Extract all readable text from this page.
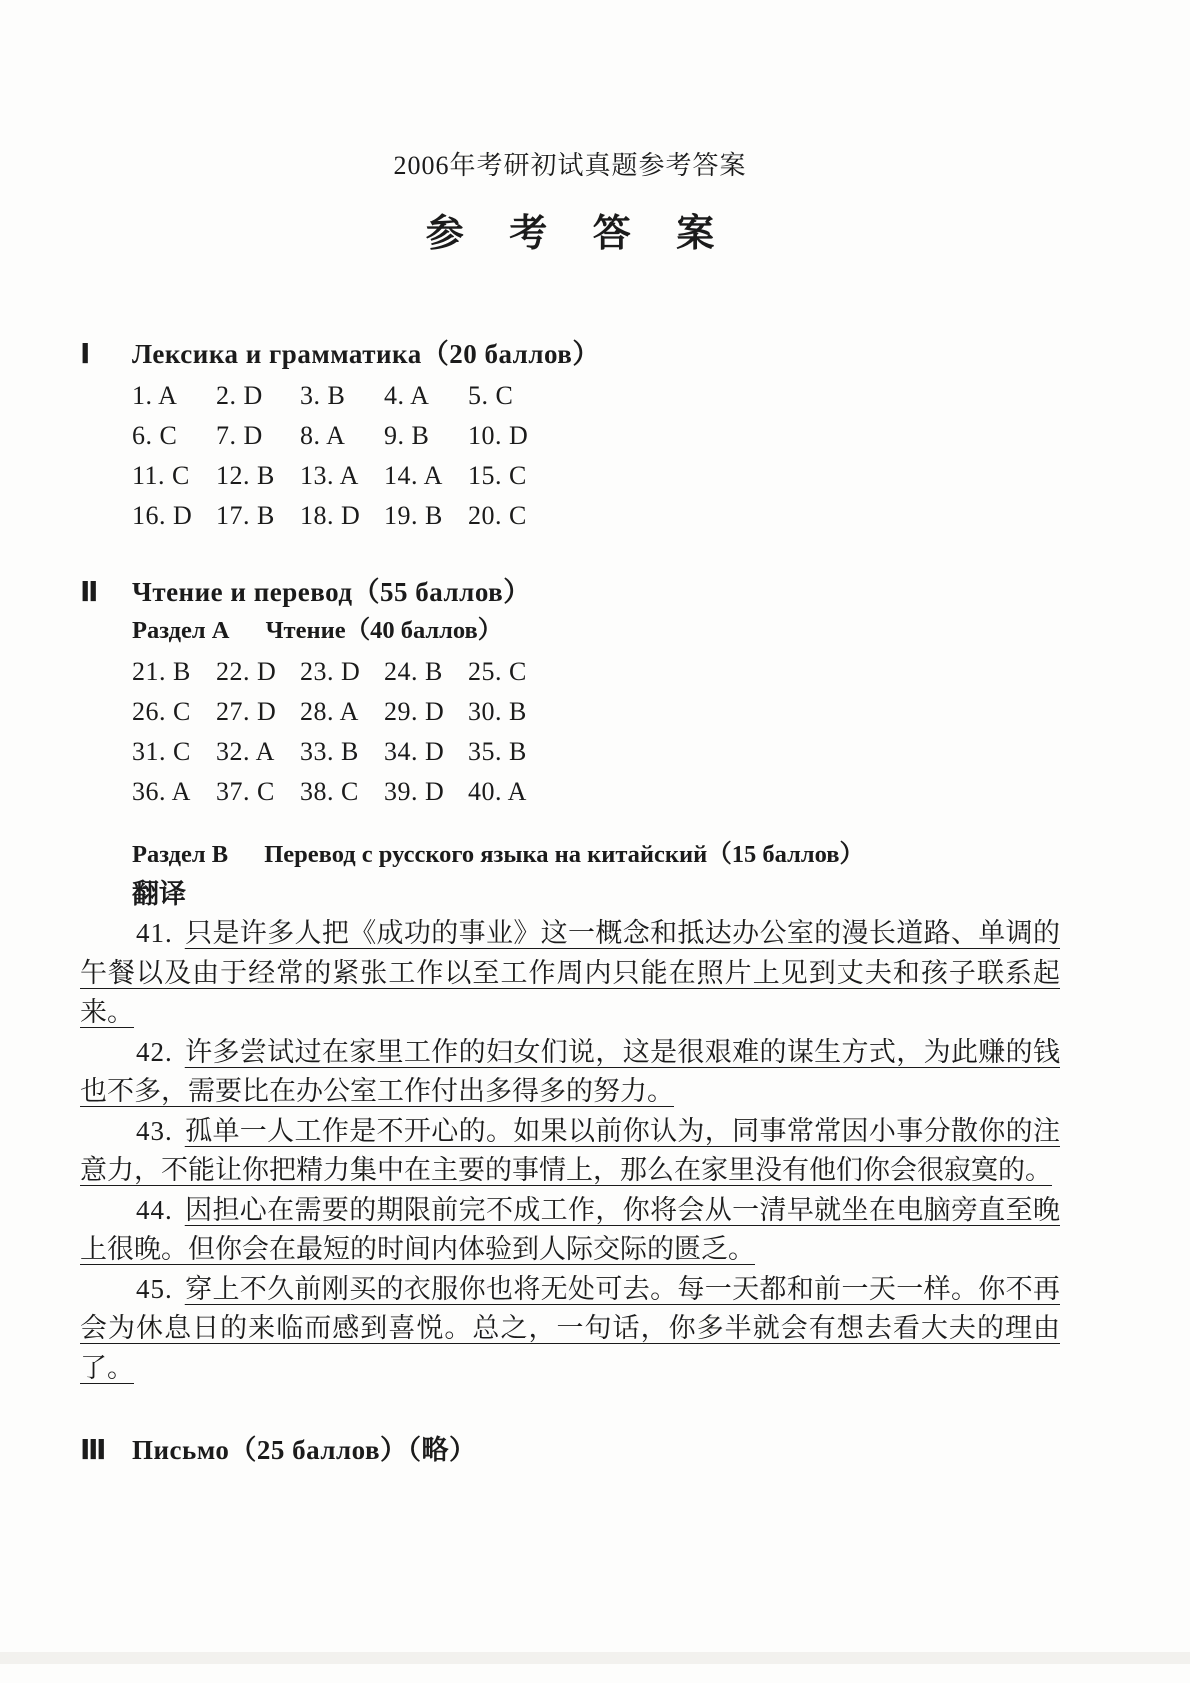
2006年考研初试真题参考答案
参 考 答 案
Ⅰ	Лексика и грамматика（20 баллов）
1. A 2. D 3. B 4. A 5. C
6. C 7. D 8. A 9. B 10. D
11. C 12. B 13. A 14. A 15. C
16. D 17. B 18. D 19. B 20. C
Ⅱ	Чтение и перевод（55 баллов）
Раздел A Чтение（40 баллов）
21. B 22. D 23. D 24. B 25. C
26. C 27. D 28. A 29. D 30. B
31. C 32. A 33. B 34. D 35. B
36. A 37. C 38. C 39. D 40. A
Раздел B Перевод с русского языка на китайский（15 баллов）
翻译

41. 只是许多人把《成功的事业》这一概念和抵达办公室的漫长道路、单调的午餐以及由于经常的紧张工作以至工作周内只能在照片上见到丈夫和孩子联系起来。

42. 许多尝试过在家里工作的妇女们说，这是很艰难的谋生方式，为此赚的钱也不多，需要比在办公室工作付出多得多的努力。

43. 孤单一人工作是不开心的。如果以前你认为，同事常常因小事分散你的注意力，不能让你把精力集中在主要的事情上，那么在家里没有他们你会很寂寞的。

44. 因担心在需要的期限前完不成工作，你将会从一清早就坐在电脑旁直至晚上很晚。但你会在最短的时间内体验到人际交际的匮乏。

45. 穿上不久前刚买的衣服你也将无处可去。每一天都和前一天一样。你不再会为休息日的来临而感到喜悦。总之，一句话，你多半就会有想去看大夫的理由了。

Ⅲ Письмо（25 баллов）（略）
